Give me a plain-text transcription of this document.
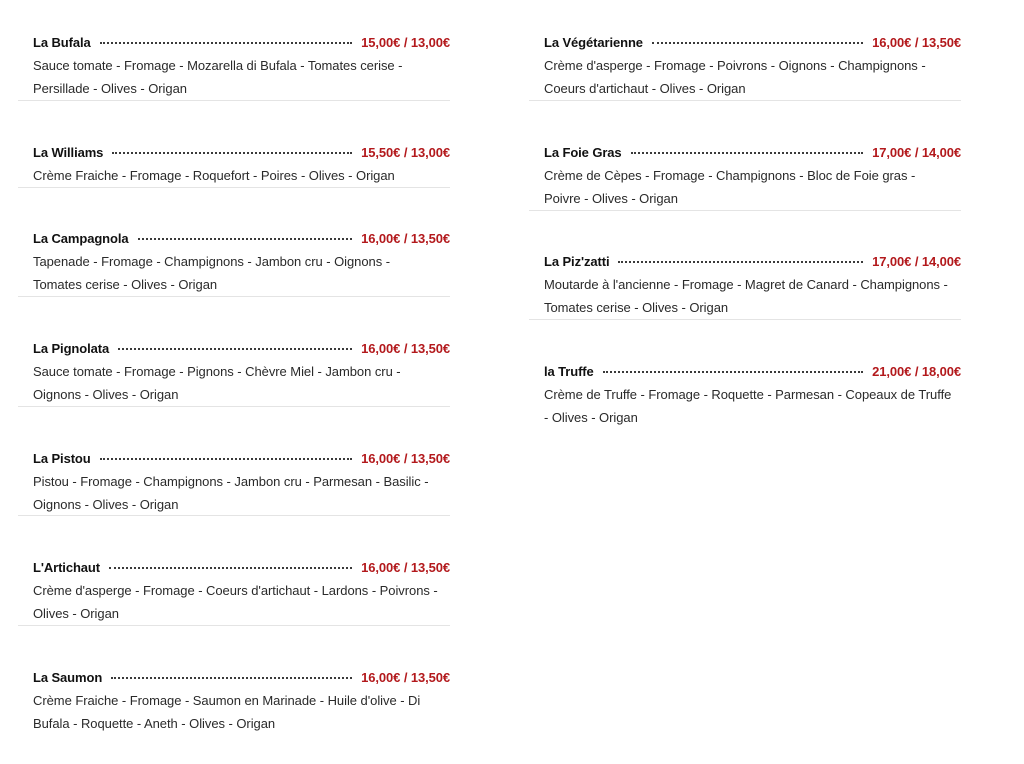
La Bufala	15,00€ / 13,00€
Sauce tomate - Fromage - Mozarella di Bufala - Tomates cerise - Persillade - Olives - Origan
La Williams	15,50€ / 13,00€
Crème Fraiche - Fromage - Roquefort - Poires - Olives - Origan
La Campagnola	16,00€ / 13,50€
Tapenade - Fromage - Champignons - Jambon cru - Oignons - Tomates cerise - Olives - Origan
La Pignolata	16,00€ / 13,50€
Sauce tomate - Fromage - Pignons - Chèvre Miel - Jambon cru - Oignons - Olives - Origan
La Pistou	16,00€ / 13,50€
Pistou - Fromage - Champignons - Jambon cru - Parmesan - Basilic - Oignons - Olives - Origan
L'Artichaut	16,00€ / 13,50€
Crème d'asperge - Fromage - Coeurs d'artichaut - Lardons - Poivrons - Olives - Origan
La Saumon	16,00€ / 13,50€
Crème Fraiche - Fromage - Saumon en Marinade - Huile d'olive - Di Bufala - Roquette - Aneth - Olives - Origan
La Végétarienne	16,00€ / 13,50€
Crème d'asperge - Fromage - Poivrons - Oignons - Champignons - Coeurs d'artichaut - Olives - Origan
La Foie Gras	17,00€ / 14,00€
Crème de Cèpes - Fromage - Champignons - Bloc de Foie gras - Poivre - Olives - Origan
La Piz'zatti	17,00€ / 14,00€
Moutarde à l'ancienne - Fromage - Magret de Canard - Champignons - Tomates cerise - Olives - Origan
la Truffe	21,00€ / 18,00€
Crème de Truffe - Fromage - Roquette - Parmesan - Copeaux de Truffe - Olives - Origan
